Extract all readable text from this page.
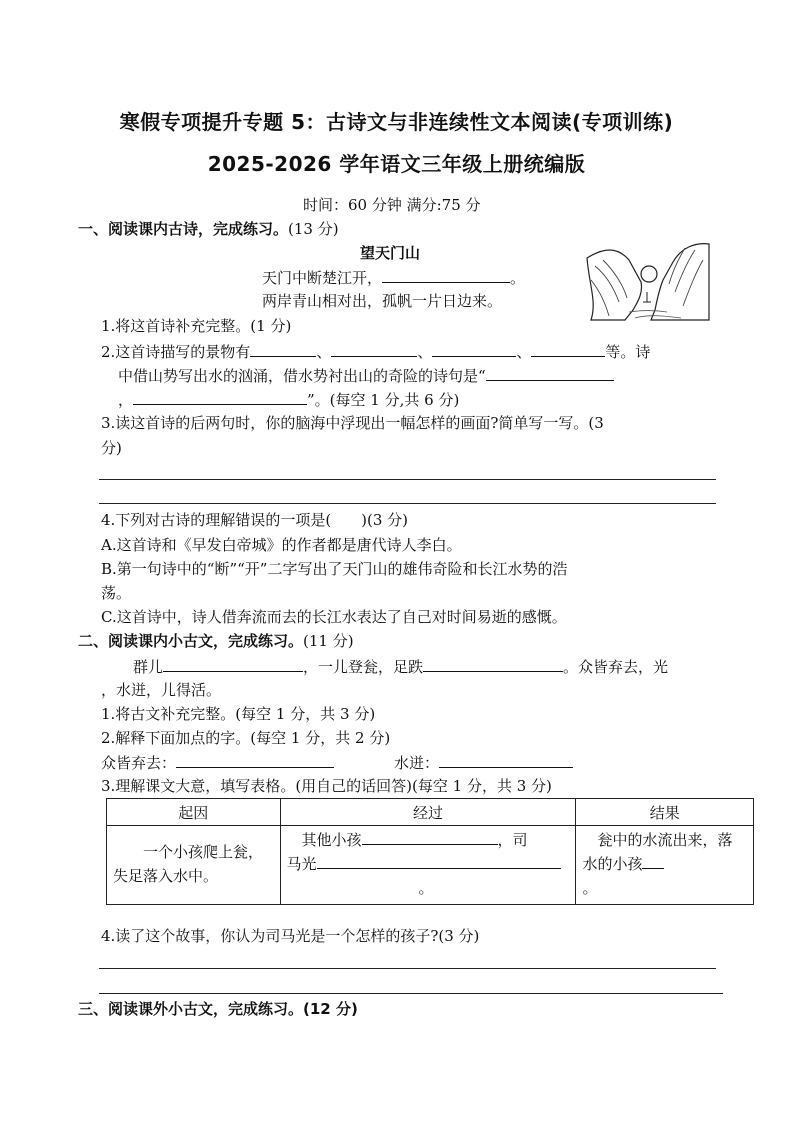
寒假专项提升专题 5：古诗文与非连续性文本阅读(专项训练)
2025-2026 学年语文三年级上册统编版
时间：60 分钟 满分:75 分
一、阅读课内古诗，完成练习。(13 分)
望天门山
天门中断楚江开，	。
两岸青山相对出，孤帆一片日边来。
1.将这首诗补充完整。(1 分)
2.这首诗描写的景物有	、	、	、	等。诗
中借山势写出水的汹涌，借水势衬出山的奇险的诗句是“
，	”。(每空 1 分,共 6 分)
3.读这首诗的后两句时，你的脑海中浮现出一幅怎样的画面?简单写一写。(3
分)
4.下列对古诗的理解错误的一项是(　　)(3 分)
A.这首诗和《早发白帝城》的作者都是唐代诗人李白。
B.第一句诗中的“断”“开”二字写出了天门山的雄伟奇险和长江水势的浩
荡。
C.这首诗中，诗人借奔流而去的长江水表达了自己对时间易逝的感慨。
二、阅读课内小古文，完成练习。(11 分)
群儿	，一儿登瓮，足跌	。众皆弃去，光
，水迸，儿得活。
1.将古文补充完整。(每空 1 分，共 3 分)
2.解释下面加点的字。(每空 1 分，共 2 分)
众皆弃去：	水迸：
3.理解课文大意，填写表格。(用自己的话回答)(每空 1 分，共 3 分)
起因	经过	结果

　　一个小孩爬上瓮，失足落入水中。	　其他小孩 ，司
马光
。	　瓮中的水流出来，落水的小孩
。
4.读了这个故事，你认为司马光是一个怎样的孩子?(3 分)
三、阅读课外小古文，完成练习。(12 分)
